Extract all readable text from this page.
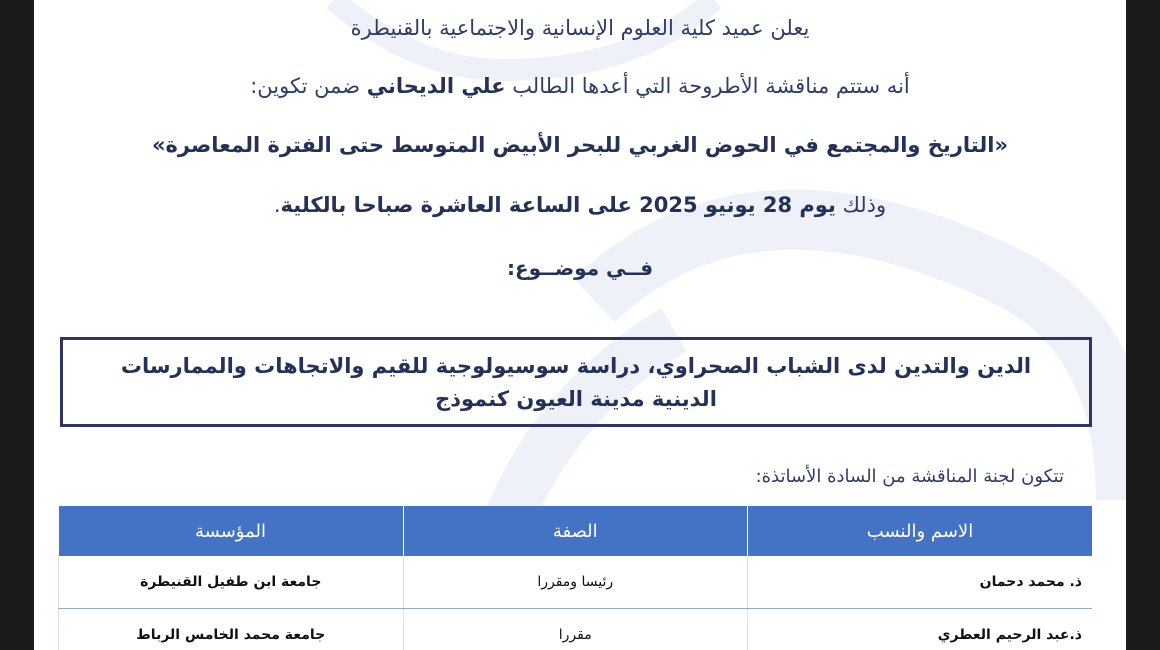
يعلن عميد كلية العلوم الإنسانية والاجتماعية بالقنيطرة
أنه ستتم مناقشة الأطروحة التي أعدها الطالب علي الديحاني ضمن تكوين:
«التاريخ والمجتمع في الحوض الغربي للبحر الأبيض المتوسط حتى الفترة المعاصرة»
وذلك يوم 28 يونيو 2025 على الساعة العاشرة صباحا بالكلية.
فــي موضــوع:
الدين والتدين لدى الشباب الصحراوي، دراسة سوسيولوجية للقيم والاتجاهات والممارسات
الدينية مدينة العيون كنموذج
تتكون لجنة المناقشة من السادة الأساتذة:
الاسم والنسب	الصفة	المؤسسة
ذ. محمد دحمان	رئيسا ومقررا	جامعة ابن طفيل القنيطرة
ذ.عبد الرحيم العطري	مقررا	جامعة محمد الخامس الرباط
